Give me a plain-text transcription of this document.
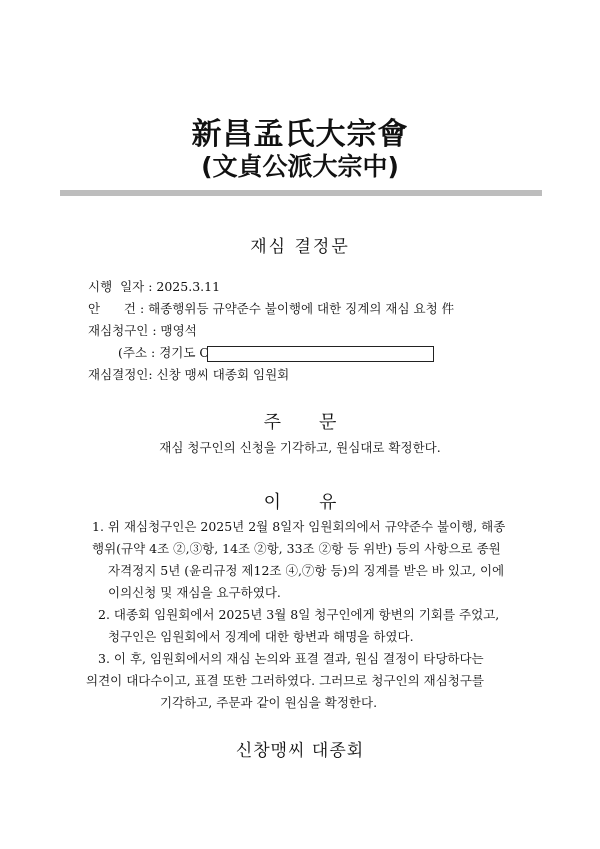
新昌孟氏大宗會
(文貞公派大宗中)
재심 결정문
시행  일자 : 2025.3.11
안      건 : 해종행위등 규약준수 불이행에 대한 징계의 재심 요청 件
재심청구인 : 맹영석
(주소 : 경기도 C
재심결정인: 신창 맹씨 대종회 임원회
주문
재심 청구인의 신청을 기각하고, 원심대로 확정한다.
이유
1. 위 재심청구인은 2025년 2월 8일자 임원회의에서 규약준수 불이행, 해종
행위(규약 4조 ②,③항, 14조 ②항, 33조 ②항 등 위반) 등의 사항으로 종원
자격정지 5년 (윤리규정 제12조 ④,⑦항 등)의 징계를 받은 바 있고, 이에
이의신청 및 재심을 요구하였다.
2. 대종회 임원회에서 2025년 3월 8일 청구인에게 항변의 기회를 주었고,
청구인은 임원회에서 징계에 대한 항변과 해명을 하였다.
3. 이 후, 임원회에서의 재심 논의와 표결 결과, 원심 결정이 타당하다는
의견이 대다수이고, 표결 또한 그러하였다. 그러므로 청구인의 재심청구를
기각하고, 주문과 같이 원심을 확정한다.
신창맹씨 대종회
